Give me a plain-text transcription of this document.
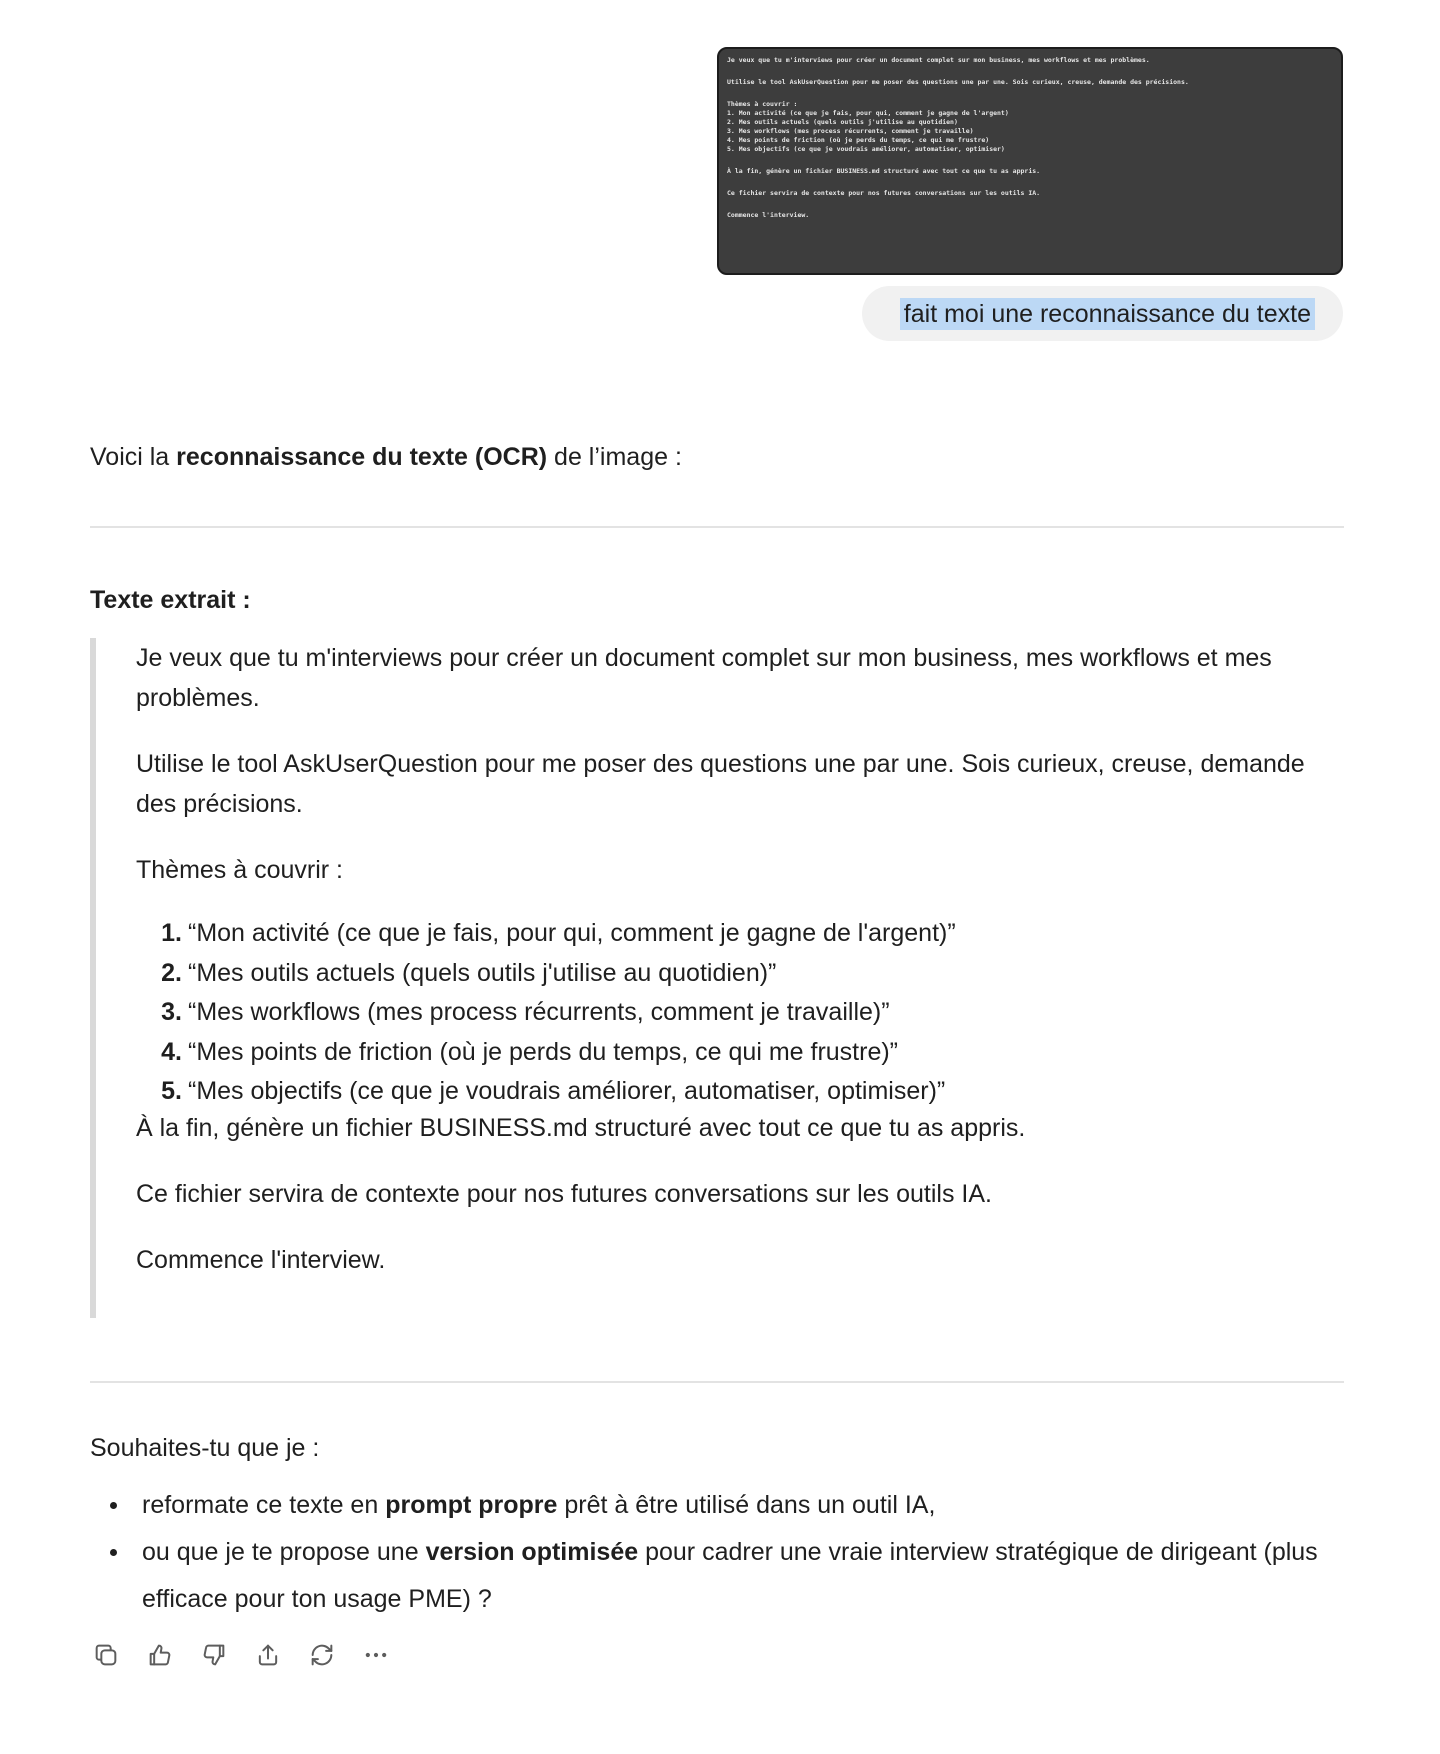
Je veux que tu m'interviews pour créer un document complet sur mon business, mes workflows et mes problèmes.
Utilise le tool AskUserQuestion pour me poser des questions une par une. Sois curieux, creuse, demande des précisions.
Thèmes à couvrir :
1. Mon activité (ce que je fais, pour qui, comment je gagne de l'argent)
2. Mes outils actuels (quels outils j'utilise au quotidien)
3. Mes workflows (mes process récurrents, comment je travaille)
4. Mes points de friction (où je perds du temps, ce qui me frustre)
5. Mes objectifs (ce que je voudrais améliorer, automatiser, optimiser)
À la fin, génère un fichier BUSINESS.md structuré avec tout ce que tu as appris.
Ce fichier servira de contexte pour nos futures conversations sur les outils IA.
Commence l'interview.
fait moi une reconnaissance du texte

Voici la reconnaissance du texte (OCR) de l’image :

Texte extrait :

Je veux que tu m'interviews pour créer un document complet sur mon business, mes workflows et mes problèmes.

Utilise le tool AskUserQuestion pour me poser des questions une par une. Sois curieux, creuse, demande des précisions.

Thèmes à couvrir :

1. “Mon activité (ce que je fais, pour qui, comment je gagne de l'argent)”
2. “Mes outils actuels (quels outils j'utilise au quotidien)”
3. “Mes workflows (mes process récurrents, comment je travaille)”
4. “Mes points de friction (où je perds du temps, ce qui me frustre)”
5. “Mes objectifs (ce que je voudrais améliorer, automatiser, optimiser)”

À la fin, génère un fichier BUSINESS.md structuré avec tout ce que tu as appris.

Ce fichier servira de contexte pour nos futures conversations sur les outils IA.

Commence l'interview.

Souhaites-tu que je :

reformate ce texte en prompt propre prêt à être utilisé dans un outil IA,
ou que je te propose une version optimisée pour cadrer une vraie interview stratégique de dirigeant (plus efficace pour ton usage PME) ?
